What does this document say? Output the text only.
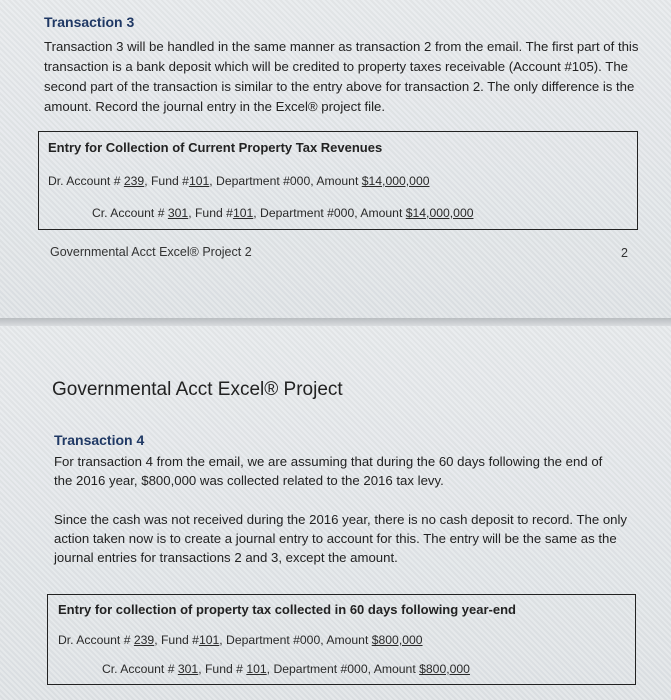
Transaction 3

Transaction 3 will be handled in the same manner as transaction 2 from the email. The first part of this transaction is a bank deposit which will be credited to property taxes receivable (Account #105). The second part of the transaction is similar to the entry above for transaction 2. The only difference is the amount. Record the journal entry in the Excel® project file.

Entry for Collection of Current Property Tax Revenues
Dr. Account # 239, Fund #101, Department #000, Amount $14,000,000
Cr. Account # 301, Fund #101, Department #000, Amount $14,000,000
Governmental Acct Excel® Project 2	2
Governmental Acct Excel® Project
Transaction 4

For transaction 4 from the email, we are assuming that during the 60 days following the end of the 2016 year, $800,000 was collected related to the 2016 tax levy.

Since the cash was not received during the 2016 year, there is no cash deposit to record. The only action taken now is to create a journal entry to account for this. The entry will be the same as the journal entries for transactions 2 and 3, except the amount.

Entry for collection of property tax collected in 60 days following year-end
Dr. Account # 239, Fund #101, Department #000, Amount $800,000
Cr. Account # 301, Fund # 101, Department #000, Amount $800,000
